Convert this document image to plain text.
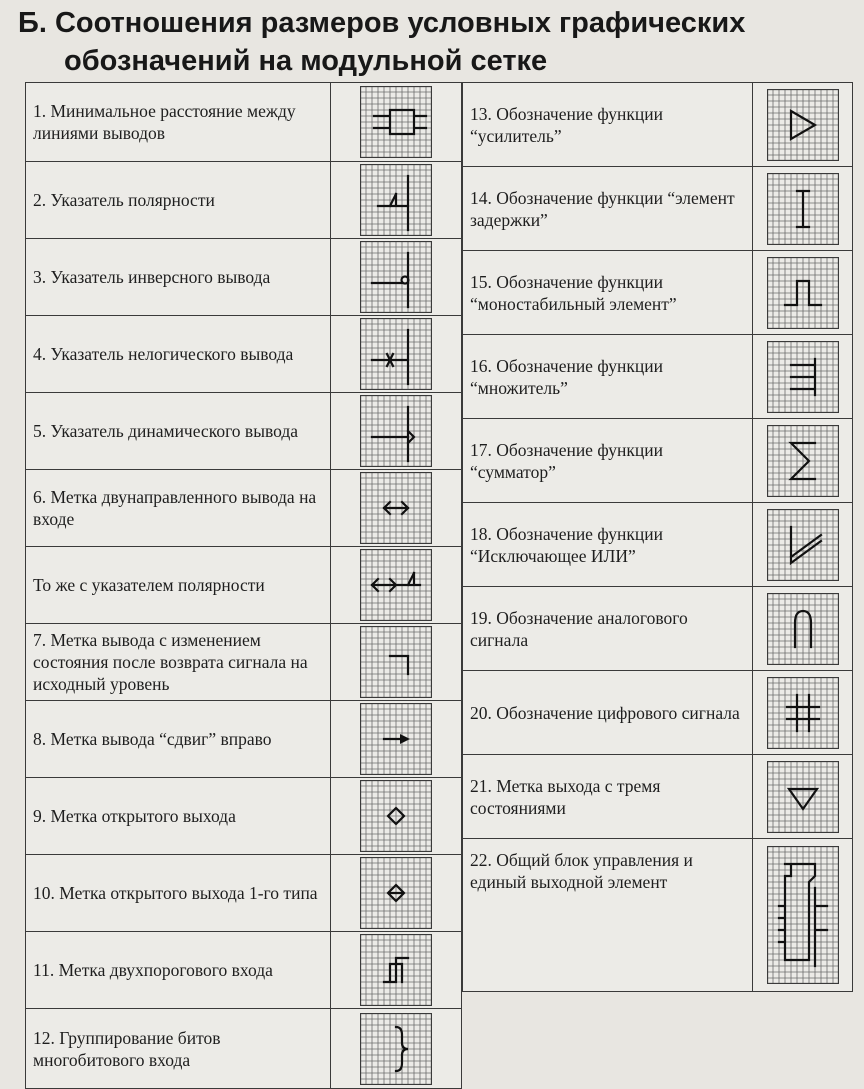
Б. Соотношения размеров условных графических
обозначений на модульной сетке
1. Минимальное расстояние между линиями выводов	

2. Указатель полярности	

3. Указатель инверсного вывода	

4. Указатель нелогического вывода	

5. Указатель динамического вывода	

6. Метка двунаправленного вывода на входе	

То же с указателем полярности	

7. Метка вывода с изменением состояния после возврата сигнала на исходный уровень	

8. Метка вывода “сдвиг” вправо	

9. Метка открытого выхода	

10. Метка открытого выхода 1-го типа	

11. Метка двухпорогового входа	

12. Группирование битов многобитового входа	
13. Обозначение функции “усилитель”	

14. Обозначение функции “элемент задержки”	

15. Обозначение функции “моностабильный элемент”	

16. Обозначение функции “множитель”	

17. Обозначение функции “сумматор”	

18. Обозначение функции “Исключающее ИЛИ”	

19. Обозначение аналогового сигнала	

20. Обозначение цифрового сигнала	

21. Метка выхода с тремя состояниями	

22. Общий блок управления и единый выходной элемент	
